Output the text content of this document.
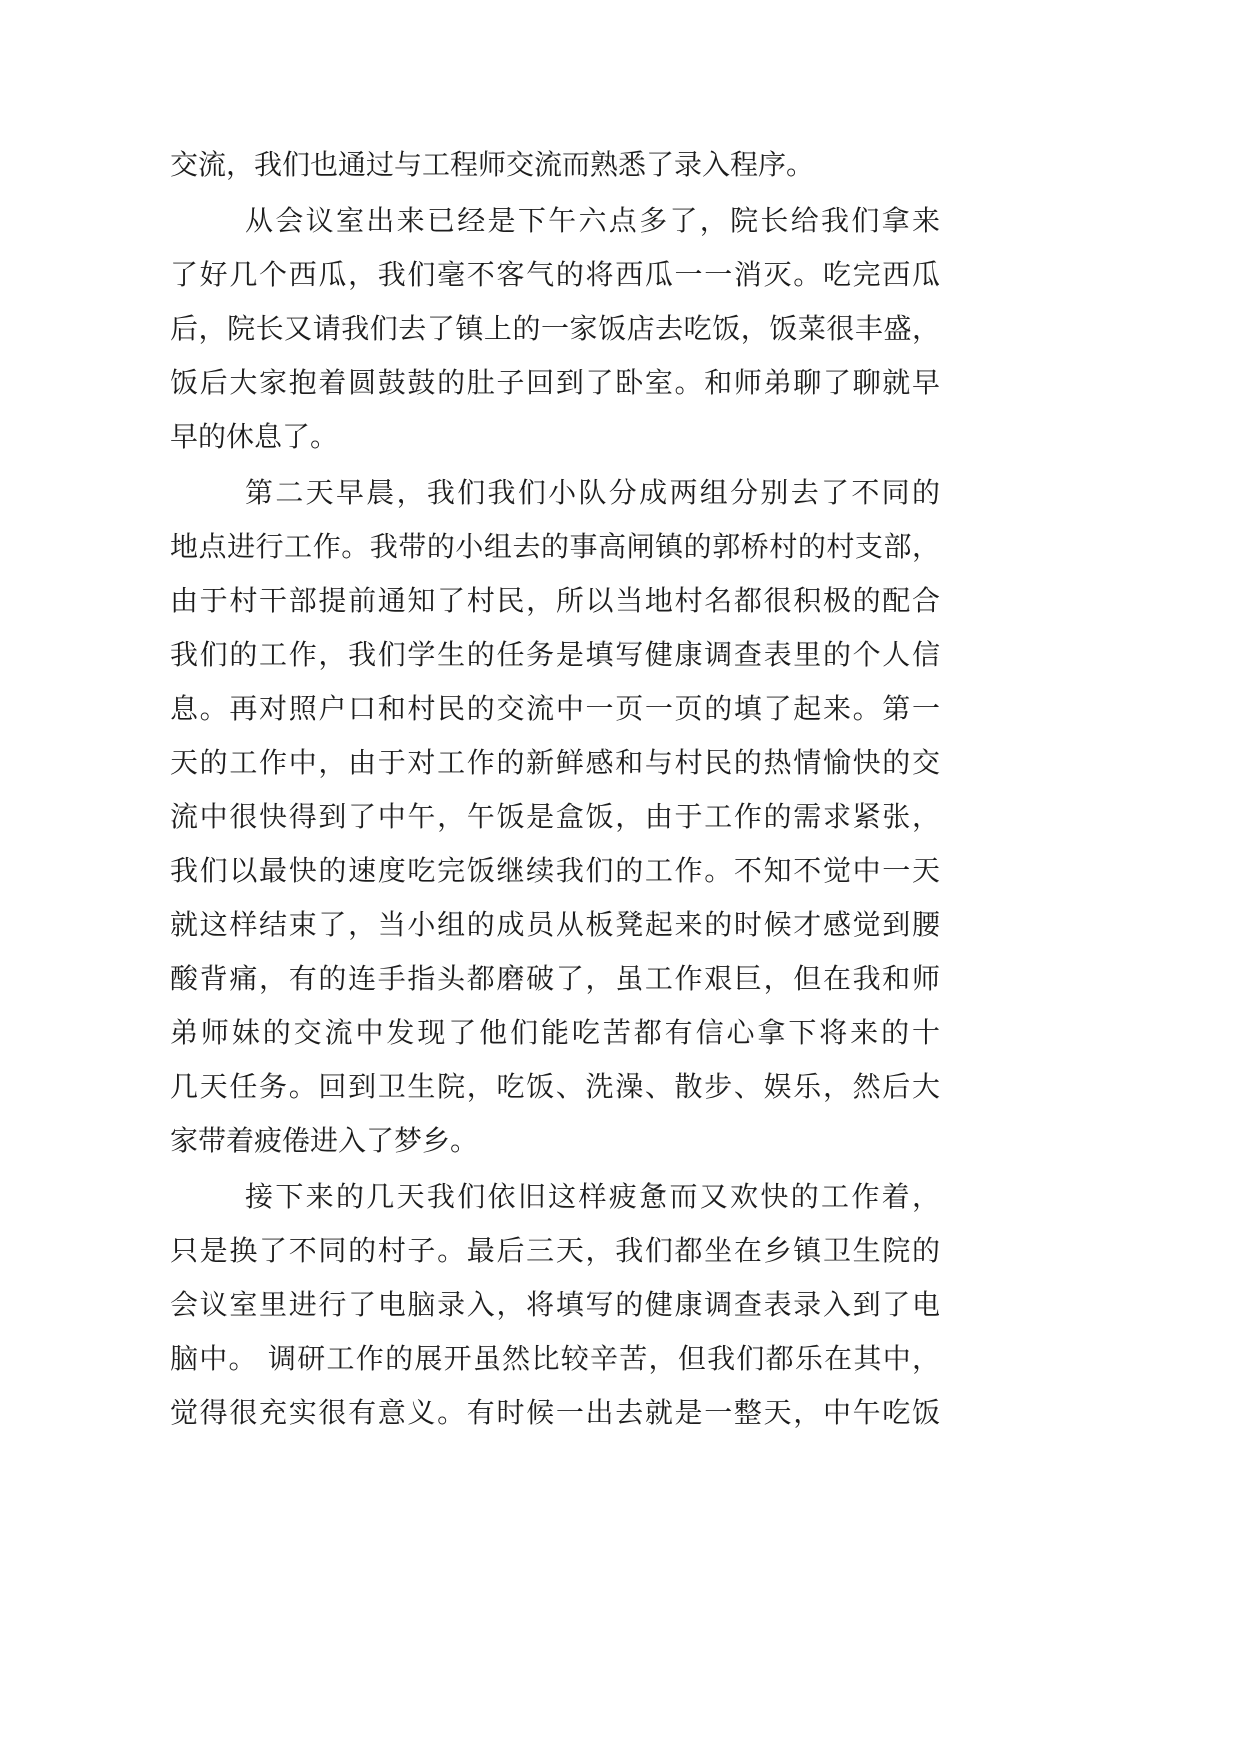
交流，我们也通过与工程师交流而熟悉了录入程序。
从会议室出来已经是下午六点多了，院长给我们拿来
了好几个西瓜，我们毫不客气的将西瓜一一消灭。吃完西瓜
后，院长又请我们去了镇上的一家饭店去吃饭，饭菜很丰盛，
饭后大家抱着圆鼓鼓的肚子回到了卧室。和师弟聊了聊就早
早的休息了。
第二天早晨，我们我们小队分成两组分别去了不同的
地点进行工作。我带的小组去的事高闸镇的郭桥村的村支部，
由于村干部提前通知了村民，所以当地村名都很积极的配合
我们的工作，我们学生的任务是填写健康调查表里的个人信
息。再对照户口和村民的交流中一页一页的填了起来。第一
天的工作中，由于对工作的新鲜感和与村民的热情愉快的交
流中很快得到了中午，午饭是盒饭，由于工作的需求紧张，
我们以最快的速度吃完饭继续我们的工作。不知不觉中一天
就这样结束了，当小组的成员从板凳起来的时候才感觉到腰
酸背痛，有的连手指头都磨破了，虽工作艰巨，但在我和师
弟师妹的交流中发现了他们能吃苦都有信心拿下将来的十
几天任务。回到卫生院，吃饭、洗澡、散步、娱乐，然后大
家带着疲倦进入了梦乡。
接下来的几天我们依旧这样疲惫而又欢快的工作着，
只是换了不同的村子。最后三天，我们都坐在乡镇卫生院的
会议室里进行了电脑录入，将填写的健康调查表录入到了电
脑中。 调研工作的展开虽然比较辛苦，但我们都乐在其中，
觉得很充实很有意义。有时候一出去就是一整天，中午吃饭
